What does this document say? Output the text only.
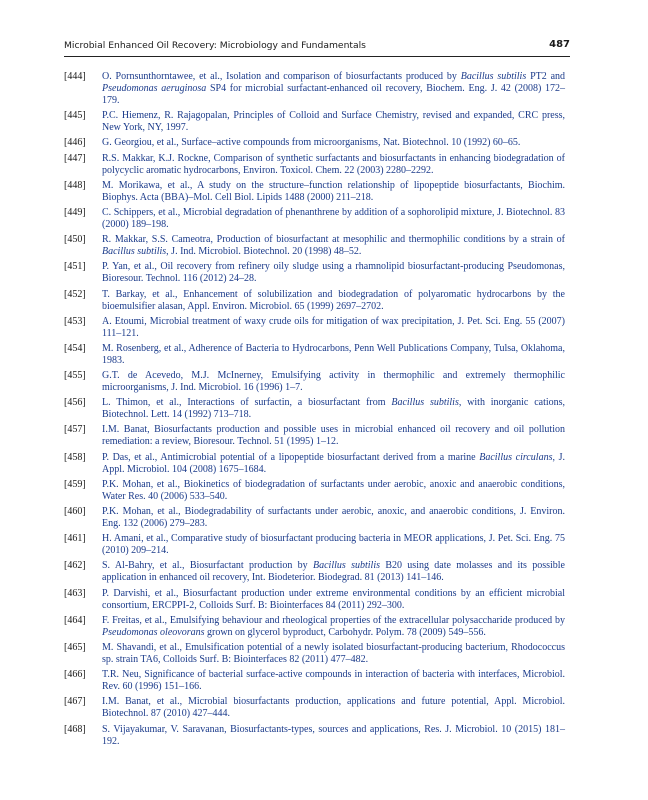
Microbial Enhanced Oil Recovery: Microbiology and Fundamentals	487
[444] O. Pornsunthorntawee, et al., Isolation and comparison of biosurfactants produced by Bacillus subtilis PT2 and Pseudomonas aeruginosa SP4 for microbial surfactant-enhanced oil recovery, Biochem. Eng. J. 42 (2008) 172–179.
[445] P.C. Hiemenz, R. Rajagopalan, Principles of Colloid and Surface Chemistry, revised and expanded, CRC press, New York, NY, 1997.
[446] G. Georgiou, et al., Surface–active compounds from microorganisms, Nat. Biotechnol. 10 (1992) 60–65.
[447] R.S. Makkar, K.J. Rockne, Comparison of synthetic surfactants and biosurfactants in enhancing biodegradation of polycyclic aromatic hydrocarbons, Environ. Toxicol. Chem. 22 (2003) 2280–2292.
[448] M. Morikawa, et al., A study on the structure–function relationship of lipopeptide biosurfactants, Biochim. Biophys. Acta (BBA)–Mol. Cell Biol. Lipids 1488 (2000) 211–218.
[449] C. Schippers, et al., Microbial degradation of phenanthrene by addition of a sophorolipid mixture, J. Biotechnol. 83 (2000) 189–198.
[450] R. Makkar, S.S. Cameotra, Production of biosurfactant at mesophilic and thermophilic conditions by a strain of Bacillus subtilis, J. Ind. Microbiol. Biotechnol. 20 (1998) 48–52.
[451] P. Yan, et al., Oil recovery from refinery oily sludge using a rhamnolipid biosurfactant-producing Pseudomonas, Bioresour. Technol. 116 (2012) 24–28.
[452] T. Barkay, et al., Enhancement of solubilization and biodegradation of polyaromatic hydrocarbons by the bioemulsifier alasan, Appl. Environ. Microbiol. 65 (1999) 2697–2702.
[453] A. Etoumi, Microbial treatment of waxy crude oils for mitigation of wax precipitation, J. Pet. Sci. Eng. 55 (2007) 111–121.
[454] M. Rosenberg, et al., Adherence of Bacteria to Hydrocarbons, Penn Well Publications Company, Tulsa, Oklahoma, 1983.
[455] G.T. de Acevedo, M.J. McInerney, Emulsifying activity in thermophilic and extremely thermophilic microorganisms, J. Ind. Microbiol. 16 (1996) 1–7.
[456] L. Thimon, et al., Interactions of surfactin, a biosurfactant from Bacillus subtilis, with inorganic cations, Biotechnol. Lett. 14 (1992) 713–718.
[457] I.M. Banat, Biosurfactants production and possible uses in microbial enhanced oil recovery and oil pollution remediation: a review, Bioresour. Technol. 51 (1995) 1–12.
[458] P. Das, et al., Antimicrobial potential of a lipopeptide biosurfactant derived from a marine Bacillus circulans, J. Appl. Microbiol. 104 (2008) 1675–1684.
[459] P.K. Mohan, et al., Biokinetics of biodegradation of surfactants under aerobic, anoxic and anaerobic conditions, Water Res. 40 (2006) 533–540.
[460] P.K. Mohan, et al., Biodegradability of surfactants under aerobic, anoxic, and anaerobic conditions, J. Environ. Eng. 132 (2006) 279–283.
[461] H. Amani, et al., Comparative study of biosurfactant producing bacteria in MEOR applications, J. Pet. Sci. Eng. 75 (2010) 209–214.
[462] S. Al-Bahry, et al., Biosurfactant production by Bacillus subtilis B20 using date molasses and its possible application in enhanced oil recovery, Int. Biodeterior. Biodegrad. 81 (2013) 141–146.
[463] P. Darvishi, et al., Biosurfactant production under extreme environmental conditions by an efficient microbial consortium, ERCPPI-2, Colloids Surf. B: Biointerfaces 84 (2011) 292–300.
[464] F. Freitas, et al., Emulsifying behaviour and rheological properties of the extracellular polysaccharide produced by Pseudomonas oleovorans grown on glycerol byproduct, Carbohydr. Polym. 78 (2009) 549–556.
[465] M. Shavandi, et al., Emulsification potential of a newly isolated biosurfactant-producing bacterium, Rhodococcus sp. strain TA6, Colloids Surf. B: Biointerfaces 82 (2011) 477–482.
[466] T.R. Neu, Significance of bacterial surface-active compounds in interaction of bacteria with interfaces, Microbiol. Rev. 60 (1996) 151–166.
[467] I.M. Banat, et al., Microbial biosurfactants production, applications and future potential, Appl. Microbiol. Biotechnol. 87 (2010) 427–444.
[468] S. Vijayakumar, V. Saravanan, Biosurfactants-types, sources and applications, Res. J. Microbiol. 10 (2015) 181–192.
